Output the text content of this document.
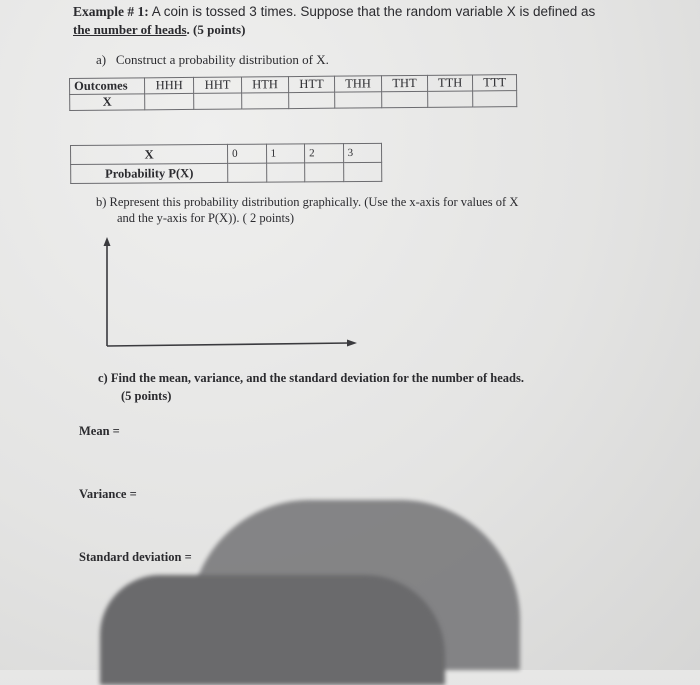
Example # 1: A coin is tossed 3 times. Suppose that the random variable X is defined as
the number of heads. (5 points)
a) Construct a probability distribution of X.
Outcomes	HHH	HHT	HTH	HTT	THH	THT	TTH	TTT
X								
X	0	1	2	3
Probability P(X)				
b) Represent this probability distribution graphically. (Use the x-axis for values of X
and the y-axis for P(X)). ( 2 points)
c) Find the mean, variance, and the standard deviation for the number of heads.
(5 points)
Mean =
Variance =
Standard deviation =
